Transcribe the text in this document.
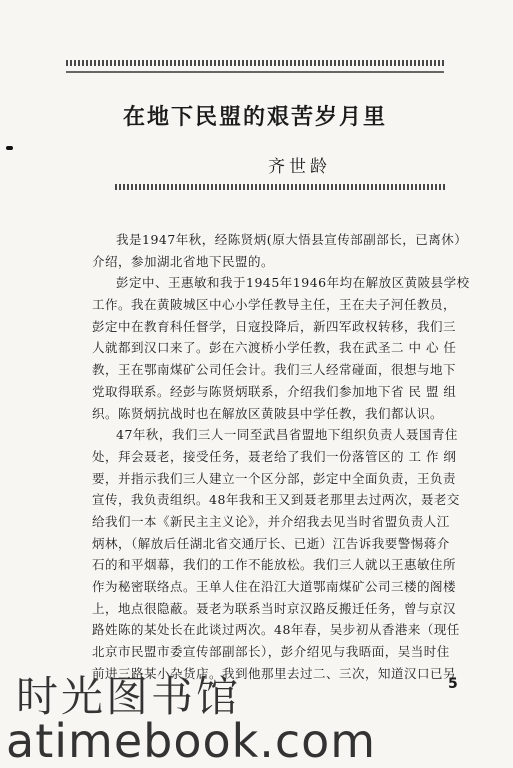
在地下民盟的艰苦岁月里
齐世龄
我是1947年秋，经陈贤炳(原大悟县宣传部副部长，已离休）
介绍，参加湖北省地下民盟的。
彭定中、王惠敏和我于1945年1946年均在解放区黄陂县学校
工作。我在黄陂城区中心小学任教导主任，王在夫子河任教员，
彭定中在教育科任督学，日寇投降后，新四军政权转移，我们三
人就都到汉口来了。彭在六渡桥小学任教，我在武圣二 中 心 任
教，王在鄂南煤矿公司任会计。我们三人经常碰面，很想与地下
党取得联系。经彭与陈贤炳联系，介绍我们参加地下省 民 盟 组
织。陈贤炳抗战时也在解放区黄陂县中学任教，我们都认识。
47年秋，我们三人一同至武昌省盟地下组织负责人聂国青住
处，拜会聂老，接受任务，聂老给了我们一份落管区的 工 作 纲
要，并指示我们三人建立一个区分部，彭定中全面负责，王负责
宣传，我负责组织。48年我和王又到聂老那里去过两次，聂老交
给我们一本《新民主主义论》，并介绍我去见当时省盟负责人江
炳林，（解放后任湖北省交通厅长、已逝）江告诉我要警惕蒋介
石的和平烟幕，我们的工作不能放松。我们三人就以王惠敏住所
作为秘密联络点。王单人住在沿江大道鄂南煤矿公司三楼的阁楼
上，地点很隐蔽。聂老为联系当时京汉路反搬迁任务，曾与京汉
路姓陈的某处长在此谈过两次。48年春，吴步初从香港来（现任
北京市民盟市委宣传部副部长），彭介绍见与我晤面，吴当时住
前进三路某小杂货店。我到他那里去过二、三次，知道汉口已另
5
时光图书馆
atimebook.com
